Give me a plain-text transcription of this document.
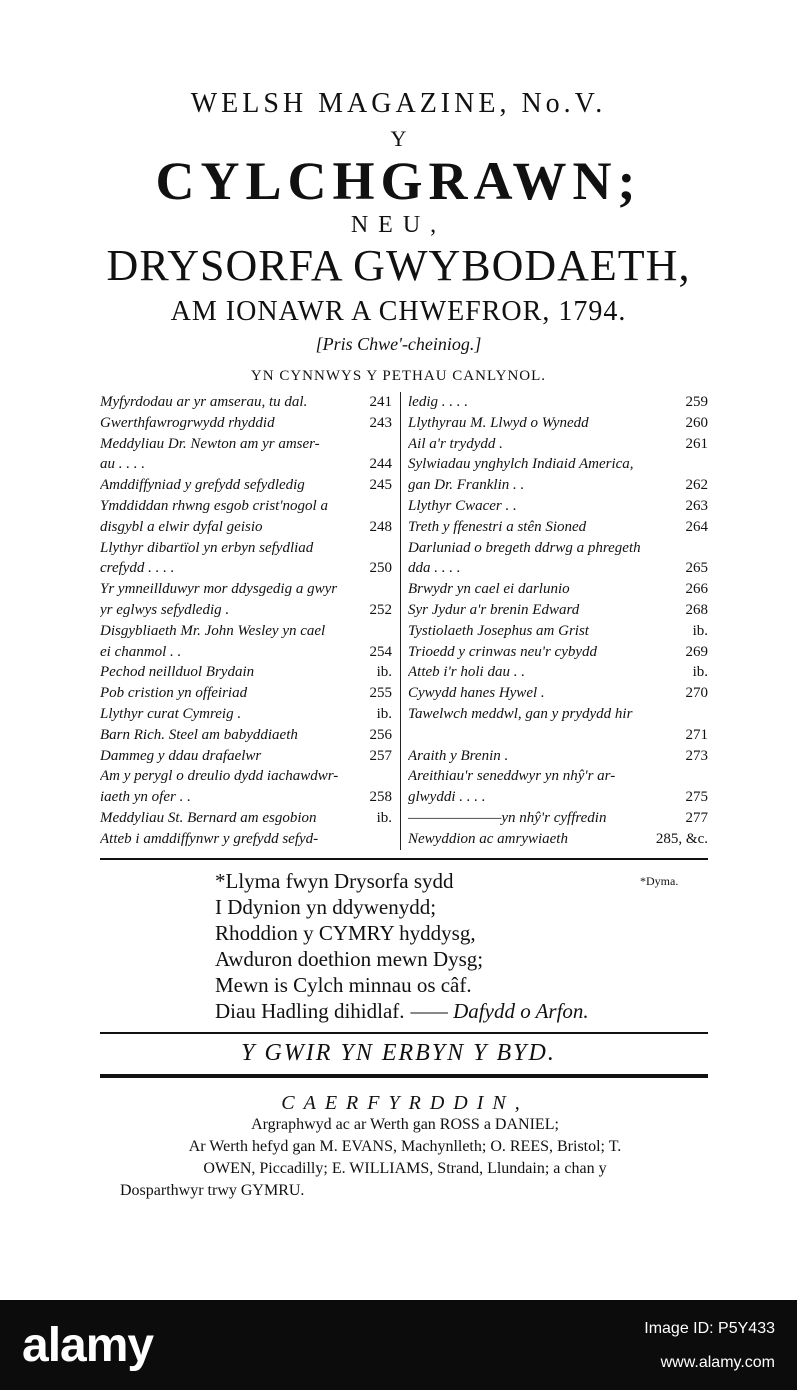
WELSH MAGAZINE, No.V.
Y
CYLCHGRAWN;
NEU,
DRYSORFA GWYBODAETH,
AM IONAWR A CHWEFROR, 1794.
[Pris Chwe'-cheiniog.]
YN CYNNWYS Y PETHAU CANLYNOL.
Myfyrdodau ar yr amserau, tu dal.	241
Gwerthfawrogrwydd rhyddid	243
Meddyliau Dr. Newton am yr amser-
au . . . .	244
Amddiffyniad y grefydd sefydledig	245
Ymddiddan rhwng esgob crist'nogol a
disgybl a elwir dyfal geisio	248
Llythyr dibartïol yn erbyn sefydliad
crefydd . . . .	250
Yr ymneillduwyr mor ddysgedig a gwyr
yr eglwys sefydledig .	252
Disgybliaeth Mr. John Wesley yn cael
ei chanmol . .	254
Pechod neillduol Brydain	ib.
Pob cristion yn offeiriad	255
Llythyr curat Cymreig .	ib.
Barn Rich. Steel am babyddiaeth	256
Dammeg y ddau drafaelwr	257
Am y perygl o dreulio dydd iachawdwr-
iaeth yn ofer . .	258
Meddyliau St. Bernard am esgobion	ib.
Atteb i amddiffynwr y grefydd sefyd-
ledig . . . .	259
Llythyrau M. Llwyd o Wynedd	260
Ail a'r trydydd .	261
Sylwiadau ynghylch Indiaid America,
gan Dr. Franklin . .	262
Llythyr Cwacer . .	263
Treth y ffenestri a stên Sioned	264
Darluniad o bregeth ddrwg a phregeth
dda . . . .	265
Brwydr yn cael ei darlunio	266
Syr Jydur a'r brenin Edward	268
Tystiolaeth Josephus am Grist	ib.
Trioedd y crinwas neu'r cybydd	269
Atteb i'r holi dau . .	ib.
Cywydd hanes Hywel .	270
Tawelwch meddwl, gan y prydydd hir
271
Araith y Brenin .	273
Areithiau'r seneddwyr yn nhŷ'r ar-
glwyddi . . . .	275
———————yn nhŷ'r cyffredin	277
Newyddion ac amrywiaeth	285, &c.
*Llyma fwyn Drysorfa sydd
I Ddynion yn ddywenydd;
Rhoddion y CYMRY hyddysg,
Awduron doethion mewn Dysg;
Mewn is Cylch minnau os câf.
Diau Hadling dihidlaf. —— Dafydd o Arfon.
*Dyma.
Y GWIR YN ERBYN Y BYD.
CAERFYRDDIN,
Argraphwyd ac ar Werth gan ROSS a DANIEL;
Ar Werth hefyd gan M. EVANS, Machynlleth; O. REES, Bristol; T.
OWEN, Piccadilly; E. WILLIAMS, Strand, Llundain; a chan y
Dosparthwyr trwy GYMRU.
alamy	Image ID: P5Y433
www.alamy.com
